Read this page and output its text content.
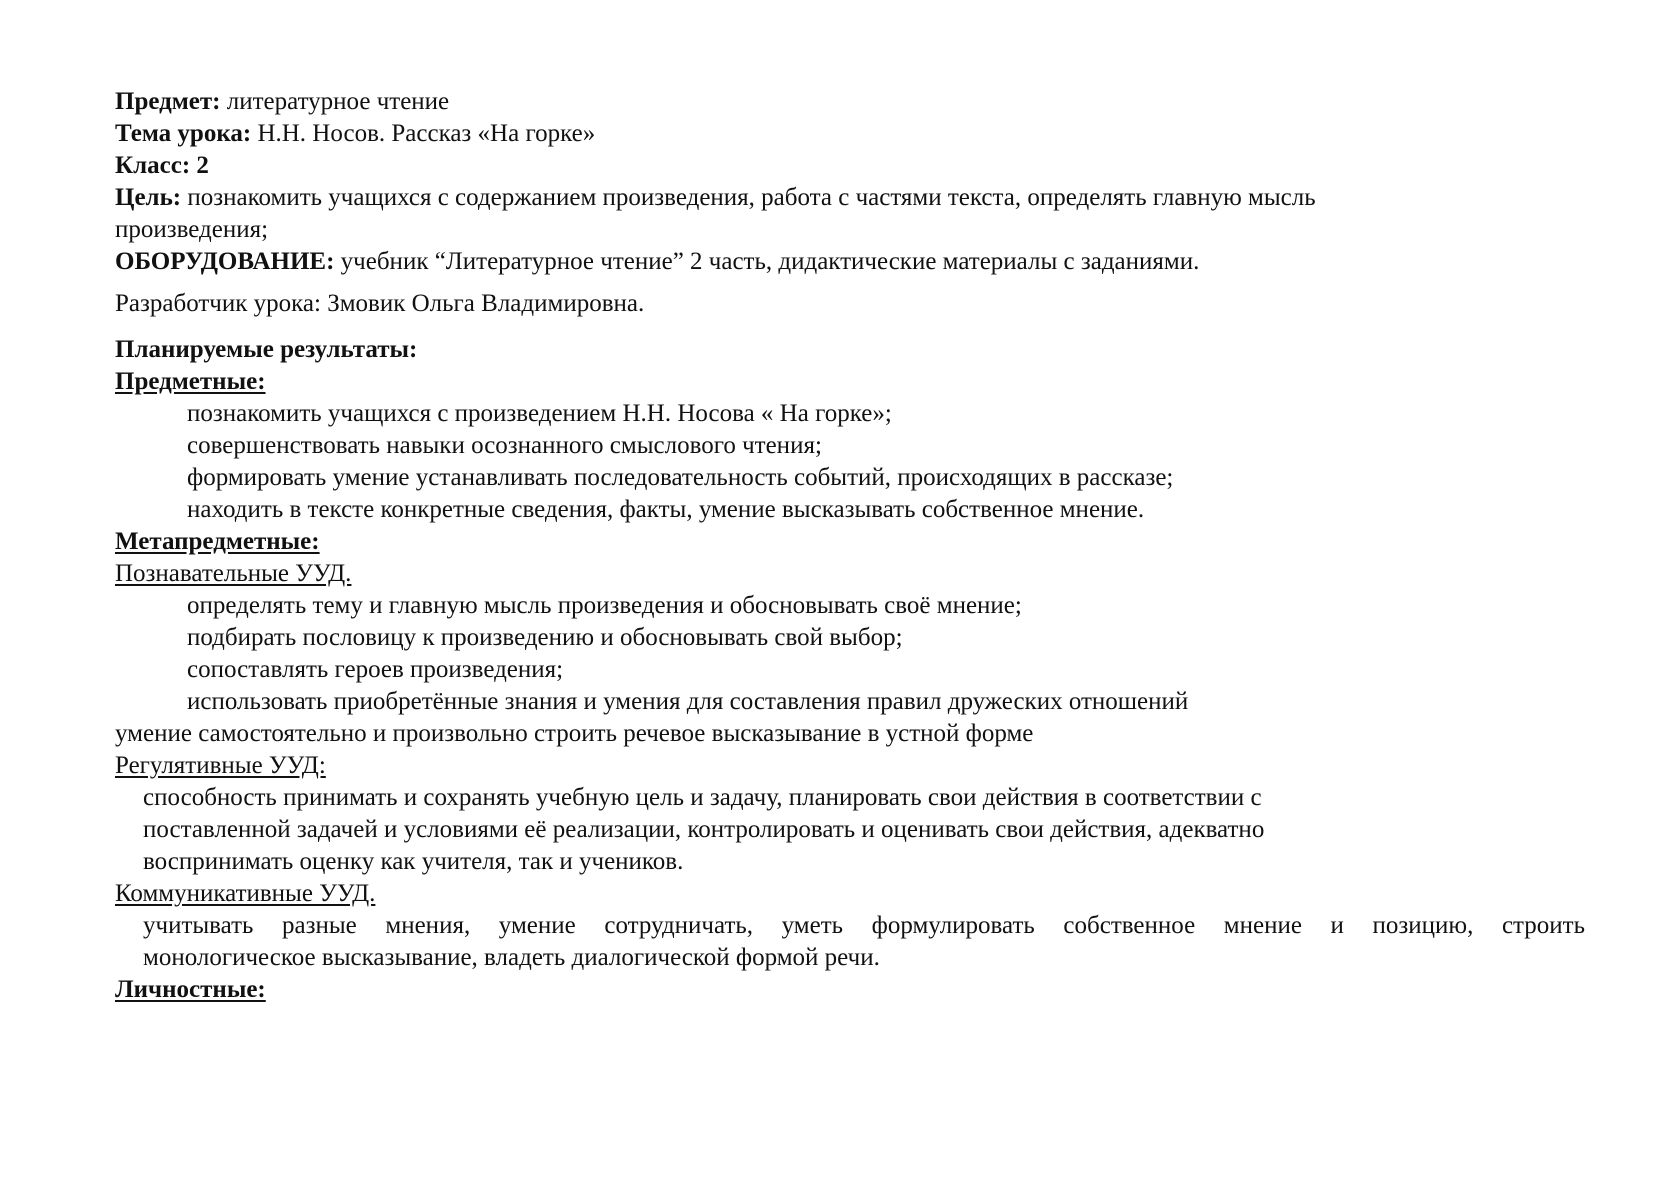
Предмет: литературное чтение

Тема урока: Н.Н. Носов. Рассказ «На горке»

Класс: 2

Цель: познакомить учащихся с содержанием произведения, работа с частями текста, определять главную мысль

произведения;

ОБОРУДОВАНИЕ: учебник “Литературное чтение” 2 часть, дидактические материалы с заданиями.

Разработчик урока: Змовик Ольга Владимировна.

Планируемые результаты:

Предметные:

познакомить учащихся с произведением Н.Н. Носова « На горке»;

совершенствовать навыки осознанного смыслового чтения;

формировать умение устанавливать последовательность событий, происходящих в рассказе;

находить в тексте конкретные сведения, факты, умение высказывать собственное мнение.

Метапредметные:

Познавательные УУД.

определять тему и главную мысль произведения и обосновывать своё мнение;

подбирать пословицу к произведению и обосновывать свой выбор;

сопоставлять героев произведения;

использовать приобретённые знания и умения для составления правил дружеских отношений

умение самостоятельно и произвольно строить речевое высказывание в устной форме

Регулятивные УУД:

способность принимать и сохранять учебную цель и задачу, планировать свои действия в соответствии с

поставленной задачей и условиями её реализации, контролировать и оценивать свои действия, адекватно

воспринимать оценку как учителя, так и учеников.

Коммуникативные УУД.

учитывать разные мнения, умение сотрудничать, уметь формулировать собственное мнение и позицию, строить

монологическое высказывание, владеть диалогической формой речи.

Личностные:
